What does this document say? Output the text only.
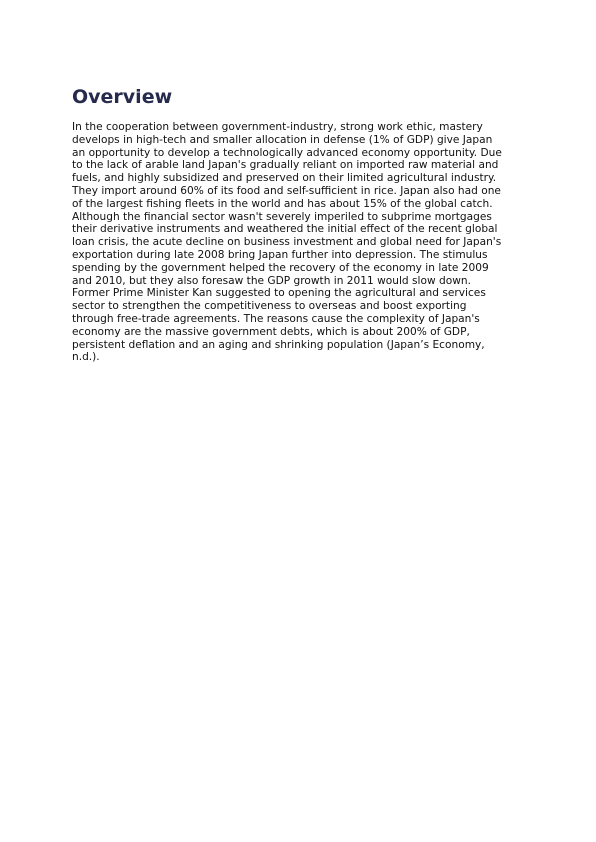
Overview

In the cooperation between government-industry, strong work ethic, mastery
develops in high-tech and smaller allocation in defense (1% of GDP) give Japan
an opportunity to develop a technologically advanced economy opportunity. Due
to the lack of arable land Japan's gradually reliant on imported raw material and
fuels, and highly subsidized and preserved on their limited agricultural industry.
They import around 60% of its food and self-sufficient in rice. Japan also had one
of the largest fishing fleets in the world and has about 15% of the global catch.
Although the financial sector wasn't severely imperiled to subprime mortgages
their derivative instruments and weathered the initial effect of the recent global
loan crisis, the acute decline on business investment and global need for Japan's
exportation during late 2008 bring Japan further into depression. The stimulus
spending by the government helped the recovery of the economy in late 2009
and 2010, but they also foresaw the GDP growth in 2011 would slow down.
Former Prime Minister Kan suggested to opening the agricultural and services
sector to strengthen the competitiveness to overseas and boost exporting
through free-trade agreements. The reasons cause the complexity of Japan's
economy are the massive government debts, which is about 200% of GDP,
persistent deflation and an aging and shrinking population (Japan’s Economy,
n.d.).
